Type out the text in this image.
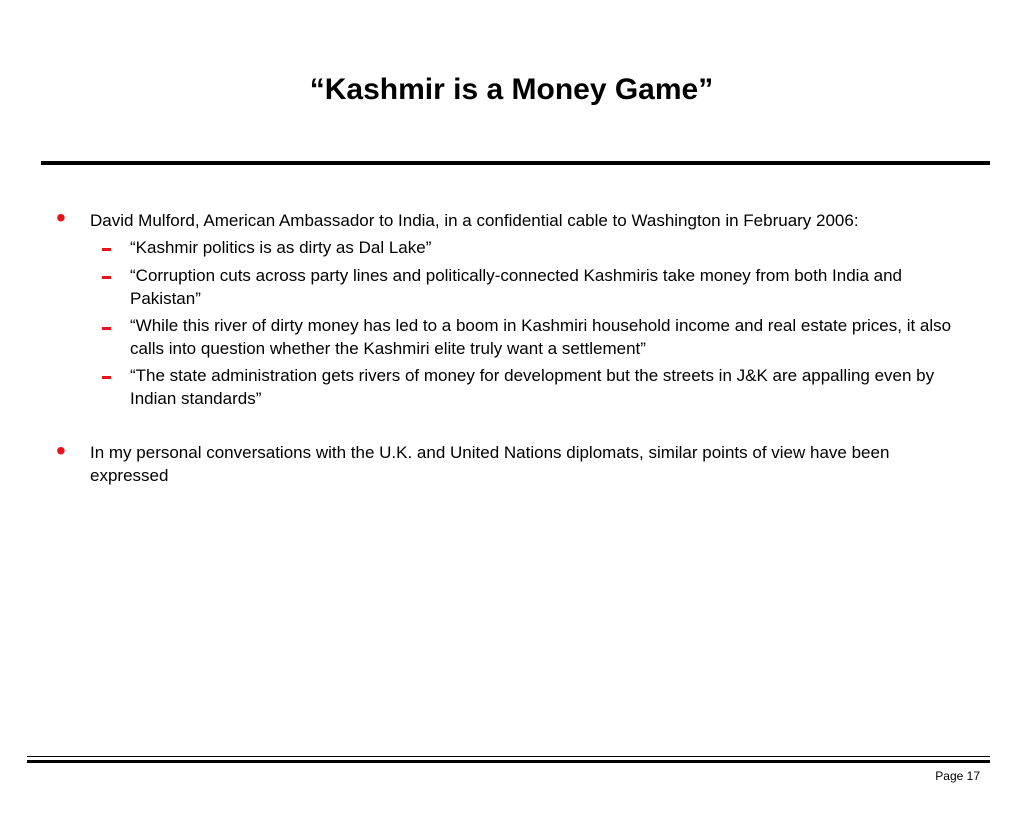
“Kashmir is a Money Game”
• David Mulford, American Ambassador to India, in a confidential cable to Washington in February 2006:
“Kashmir politics is as dirty as Dal Lake”
“Corruption cuts across party lines and politically-connected Kashmiris take money from both India and Pakistan”
“While this river of dirty money has led to a boom in Kashmiri household income and real estate prices, it also calls into question whether the Kashmiri elite truly want a settlement”
“The state administration gets rivers of money for development but the streets in J&K are appalling even by Indian standards”
• In my personal conversations with the U.K. and United Nations diplomats, similar points of view have been expressed
Page 17
